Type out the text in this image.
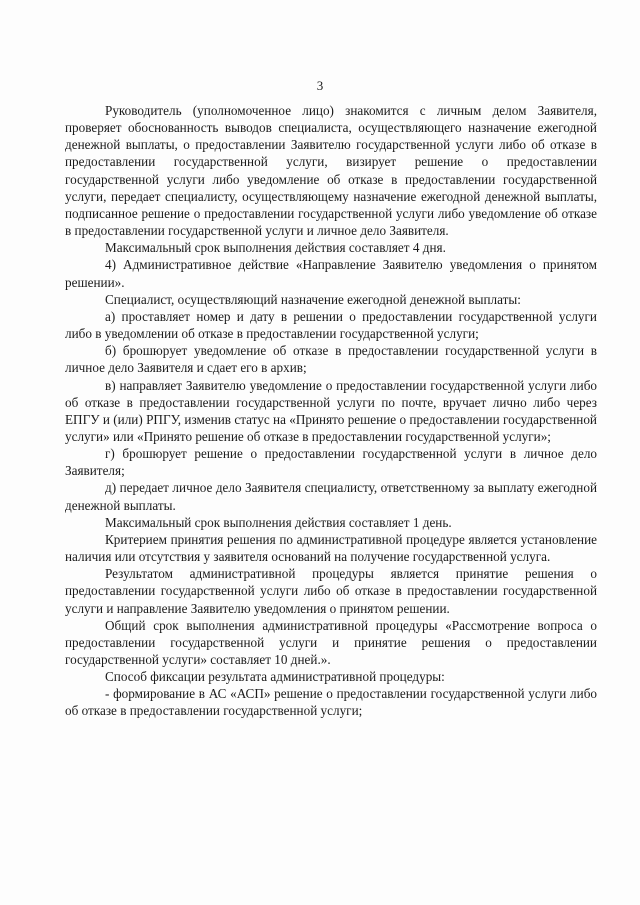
3

Руководитель (уполномоченное лицо) знакомится с личным делом Заявителя, проверяет обоснованность выводов специалиста, осуществляющего назначение ежегодной денежной выплаты, о предоставлении Заявителю государственной услуги либо об отказе в предоставлении государственной услуги, визирует решение о предоставлении государственной услуги либо уведомление об отказе в предоставлении государственной услуги, передает специалисту, осуществляющему назначение ежегодной денежной выплаты, подписанное решение о предоставлении государственной услуги либо уведомление об отказе в предоставлении государственной услуги и личное дело Заявителя.

Максимальный срок выполнения действия составляет 4 дня.

4) Административное действие «Направление Заявителю уведомления о принятом решении».

Специалист, осуществляющий назначение ежегодной денежной выплаты:

а) проставляет номер и дату в решении о предоставлении государственной услуги либо в уведомлении об отказе в предоставлении государственной услуги;

б) брошюрует уведомление об отказе в предоставлении государственной услуги в личное дело Заявителя и сдает его в архив;

в) направляет Заявителю уведомление о предоставлении государственной услуги либо об отказе в предоставлении государственной услуги по почте, вручает лично либо через ЕПГУ и (или) РПГУ, изменив статус на «Принято решение о предоставлении государственной услуги» или «Принято решение об отказе в предоставлении государственной услуги»;

г) брошюрует решение о предоставлении государственной услуги в личное дело Заявителя;

д) передает личное дело Заявителя специалисту, ответственному за выплату ежегодной денежной выплаты.

Максимальный срок выполнения действия составляет 1 день.

Критерием принятия решения по административной процедуре является установление наличия или отсутствия у заявителя оснований на получение государственной услуга.

Результатом административной процедуры является принятие решения о предоставлении государственной услуги либо об отказе в предоставлении государственной услуги и направление Заявителю уведомления о принятом решении.

Общий срок выполнения административной процедуры «Рассмотрение вопроса о предоставлении государственной услуги и принятие решения о предоставлении государственной услуги» составляет 10 дней.».

Способ фиксации результата административной процедуры:

- формирование в АС «АСП» решение о предоставлении государственной услуги либо об отказе в предоставлении государственной услуги;
